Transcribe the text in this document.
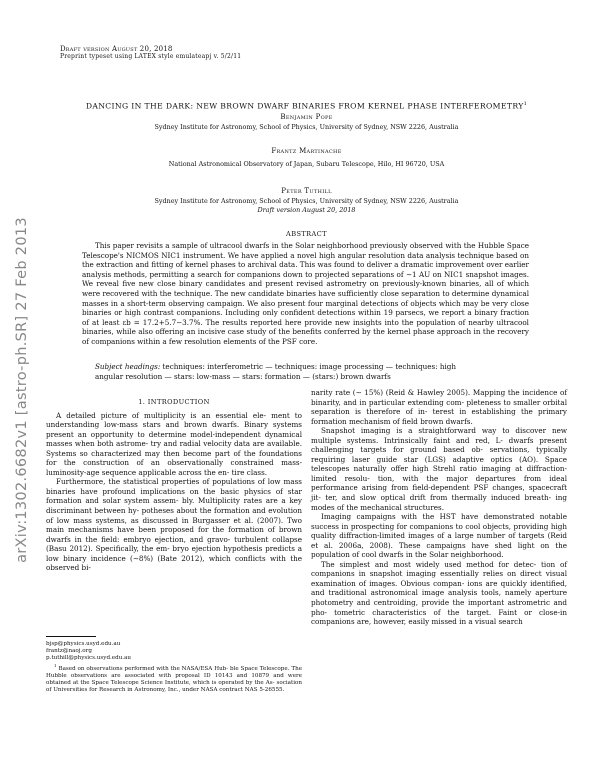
Draft version August 20, 2018
Preprint typeset using LATEX style emulateapj v. 5/2/11
arXiv:1302.6682v1 [astro-ph.SR] 27 Feb 2013
DANCING IN THE DARK: NEW BROWN DWARF BINARIES FROM KERNEL PHASE INTERFEROMETRY$^1$
Benjamin Pope
Sydney Institute for Astronomy, School of Physics, University of Sydney, NSW 2226, Australia
Frantz Martinache
National Astronomical Observatory of Japan, Subaru Telescope, Hilo, HI 96720, USA
Peter Tuthill
Sydney Institute for Astronomy, School of Physics, University of Sydney, NSW 2226, Australia
Draft version August 20, 2018
ABSTRACT
This paper revisits a sample of ultracool dwarfs in the Solar neighborhood previously observed with the Hubble Space Telescope's NICMOS NIC1 instrument. We have applied a novel high angular resolution data analysis technique based on the extraction and fitting of kernel phases to archival data. This was found to deliver a dramatic improvement over earlier analysis methods, permitting a search for companions down to projected separations of ∼1 AU on NIC1 snapshot images. We reveal five new close binary candidates and present revised astrometry on previously-known binaries, all of which were recovered with the technique. The new candidate binaries have sufficiently close separation to determine dynamical masses in a short-term observing campaign. We also present four marginal detections of objects which may be very close binaries or high contrast companions. Including only confident detections within 19 parsecs, we report a binary fraction of at least εb = 17.2+5.7−3.7%. The results reported here provide new insights into the population of nearby ultracool binaries, while also offering an incisive case study of the benefits conferred by the kernel phase approach in the recovery of companions within a few resolution elements of the PSF core.
Subject headings: techniques: interferometric — techniques: image processing — techniques: high
angular resolution — stars: low-mass — stars: formation — (stars:) brown dwarfs
1. INTRODUCTION

A detailed picture of multiplicity is an essential ele- ment to understanding low-mass stars and brown dwarfs. Binary systems present an opportunity to determine model-independent dynamical masses when both astrome- try and radial velocity data are available. Systems so characterized may then become part of the foundations for the construction of an observationally constrained mass-luminosity-age sequence applicable across the en- tire class.

Furthermore, the statistical properties of populations of low mass binaries have profound implications on the basic physics of star formation and solar system assem- bly. Multiplicity rates are a key discriminant between hy- potheses about the formation and evolution of low mass systems, as discussed in Burgasser et al. (2007). Two main mechanisms have been proposed for the formation of brown dwarfs in the field: embryo ejection, and gravo- turbulent collapse (Basu 2012). Specifically, the em- bryo ejection hypothesis predicts a low binary incidence (∼8%) (Bate 2012), which conflicts with the observed bi-

narity rate (∼ 15%) (Reid & Hawley 2005). Mapping the incidence of binarity, and in particular extending com- pleteness to smaller orbital separation is therefore of in- terest in establishing the primary formation mechanism of field brown dwarfs.

Snapshot imaging is a straightforward way to discover new multiple systems. Intrinsically faint and red, L- dwarfs present challenging targets for ground based ob- servations, typically requiring laser guide star (LGS) adaptive optics (AO). Space telescopes naturally offer high Strehl ratio imaging at diffraction-limited resolu- tion, with the major departures from ideal performance arising from field-dependent PSF changes, spacecraft jit- ter, and slow optical drift from thermally induced breath- ing modes of the mechanical structures.

Imaging campaigns with the HST have demonstrated notable success in prospecting for companions to cool objects, providing high quality diffraction-limited images of a large number of targets (Reid et al. 2006a, 2008). These campaigns have shed light on the population of cool dwarfs in the Solar neighborhood.

The simplest and most widely used method for detec- tion of companions in snapshot imaging essentially relies on direct visual examination of images. Obvious compan- ions are quickly identified, and traditional astronomical image analysis tools, namely aperture photometry and centroiding, provide the important astrometric and pho- tometric characteristics of the target. Faint or close-in companions are, however, easily missed in a visual search

bjsp@physics.usyd.edu.au
frantz@naoj.org
p.tuthill@physics.usyd.edu.au
$^1$ Based on observations performed with the NASA/ESA Hub- ble Space Telescope. The Hubble observations are associated with proposal ID 10143 and 10879 and were obtained at the Space Telescope Science Institute, which is operated by the As- sociation of Universities for Research in Astronomy, Inc., under NASA contract NAS 5-26555.
